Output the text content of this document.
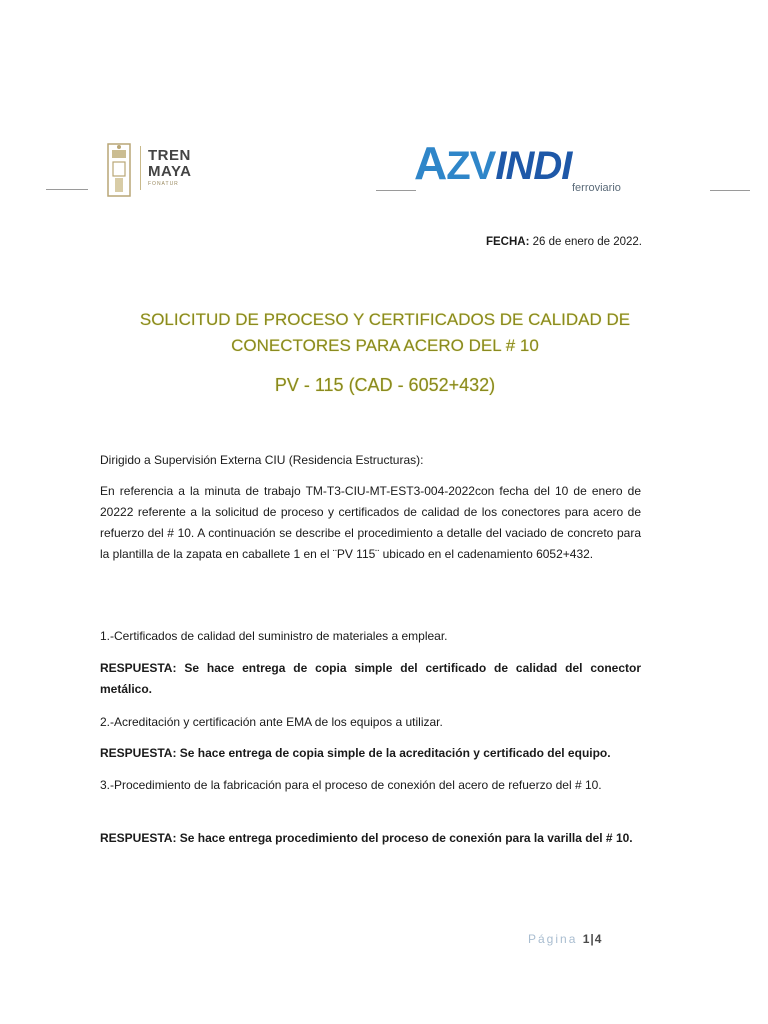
TREN
MAYA
FONATUR	AZVINDI ferroviario
FECHA: 26 de enero de 2022.
SOLICITUD DE PROCESO Y CERTIFICADOS DE CALIDAD DE
CONECTORES PARA ACERO DEL # 10
PV - 115 (CAD - 6052+432)
Dirigido a Supervisión Externa CIU (Residencia Estructuras):
En referencia a la minuta de trabajo TM-T3-CIU-MT-EST3-004-2022con fecha del 10 de enero de 20222 referente a la solicitud de proceso y certificados de calidad de los conectores para acero de refuerzo del # 10. A continuación se describe el procedimiento a detalle del vaciado de concreto para la plantilla de la zapata en caballete 1 en el ¨PV 115¨ ubicado en el cadenamiento 6052+432.
1.-Certificados de calidad del suministro de materiales a emplear.
RESPUESTA: Se hace entrega de copia simple del certificado de calidad del conector metálico.
2.-Acreditación y certificación ante EMA de los equipos a utilizar.
RESPUESTA: Se hace entrega de copia simple de la acreditación y certificado del equipo.
3.-Procedimiento de la fabricación para el proceso de conexión del acero de refuerzo del # 10.
RESPUESTA: Se hace entrega procedimiento del proceso de conexión para la varilla del # 10.
Página 1|4
